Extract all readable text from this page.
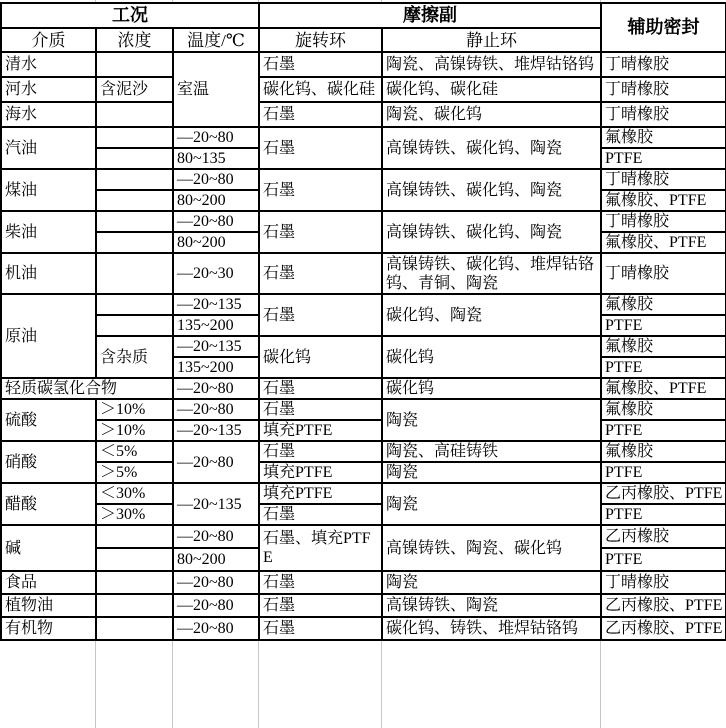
工况			摩擦副		辅助密封
介质	浓度	温度/℃	旋转环	静止环	
清水		室温	石墨	陶瓷、高镍铸铁、堆焊钴铬钨	丁晴橡胶
河水	含泥沙		碳化钨、碳化硅	碳化钨、碳化硅	丁晴橡胶
海水			石墨	陶瓷、碳化钨	丁晴橡胶
汽油		—20~80	石墨	高镍铸铁、碳化钨、陶瓷	氟橡胶
		80~135			PTFE
煤油		—20~80	石墨	高镍铸铁、碳化钨、陶瓷	丁晴橡胶
		80~200			氟橡胶、PTFE
柴油		—20~80	石墨	高镍铸铁、碳化钨、陶瓷	丁晴橡胶
		80~200			氟橡胶、PTFE
机油		—20~30	石墨	高镍铸铁、碳化钨、堆焊钴铬钨、青铜、陶瓷	丁晴橡胶
原油		—20~135	石墨	碳化钨、陶瓷	氟橡胶
		135~200			PTFE
	含杂质	—20~135	碳化钨	碳化钨	氟橡胶
		135~200			PTFE
轻质碳氢化合物		—20~80	石墨	碳化钨	氟橡胶、PTFE
硫酸	＞10%	—20~80	石墨	陶瓷	氟橡胶
	＞10%	—20~135	填充PTFE		PTFE
硝酸	＜5%	—20~80	石墨	陶瓷、高硅铸铁	氟橡胶
	＞5%		填充PTFE	陶瓷	PTFE
醋酸	＜30%	—20~135	填充PTFE	陶瓷	乙丙橡胶、PTFE
	＞30%		石墨		PTFE
碱		—20~80	石墨、填充PTFE	高镍铸铁、陶瓷、碳化钨	乙丙橡胶
		80~200			PTFE
食品		—20~80	石墨	陶瓷	丁晴橡胶
植物油		—20~80	石墨	高镍铸铁、陶瓷	乙丙橡胶、PTFE
有机物		—20~80	石墨	碳化钨、铸铁、堆焊钴铬钨	乙丙橡胶、PTFE
